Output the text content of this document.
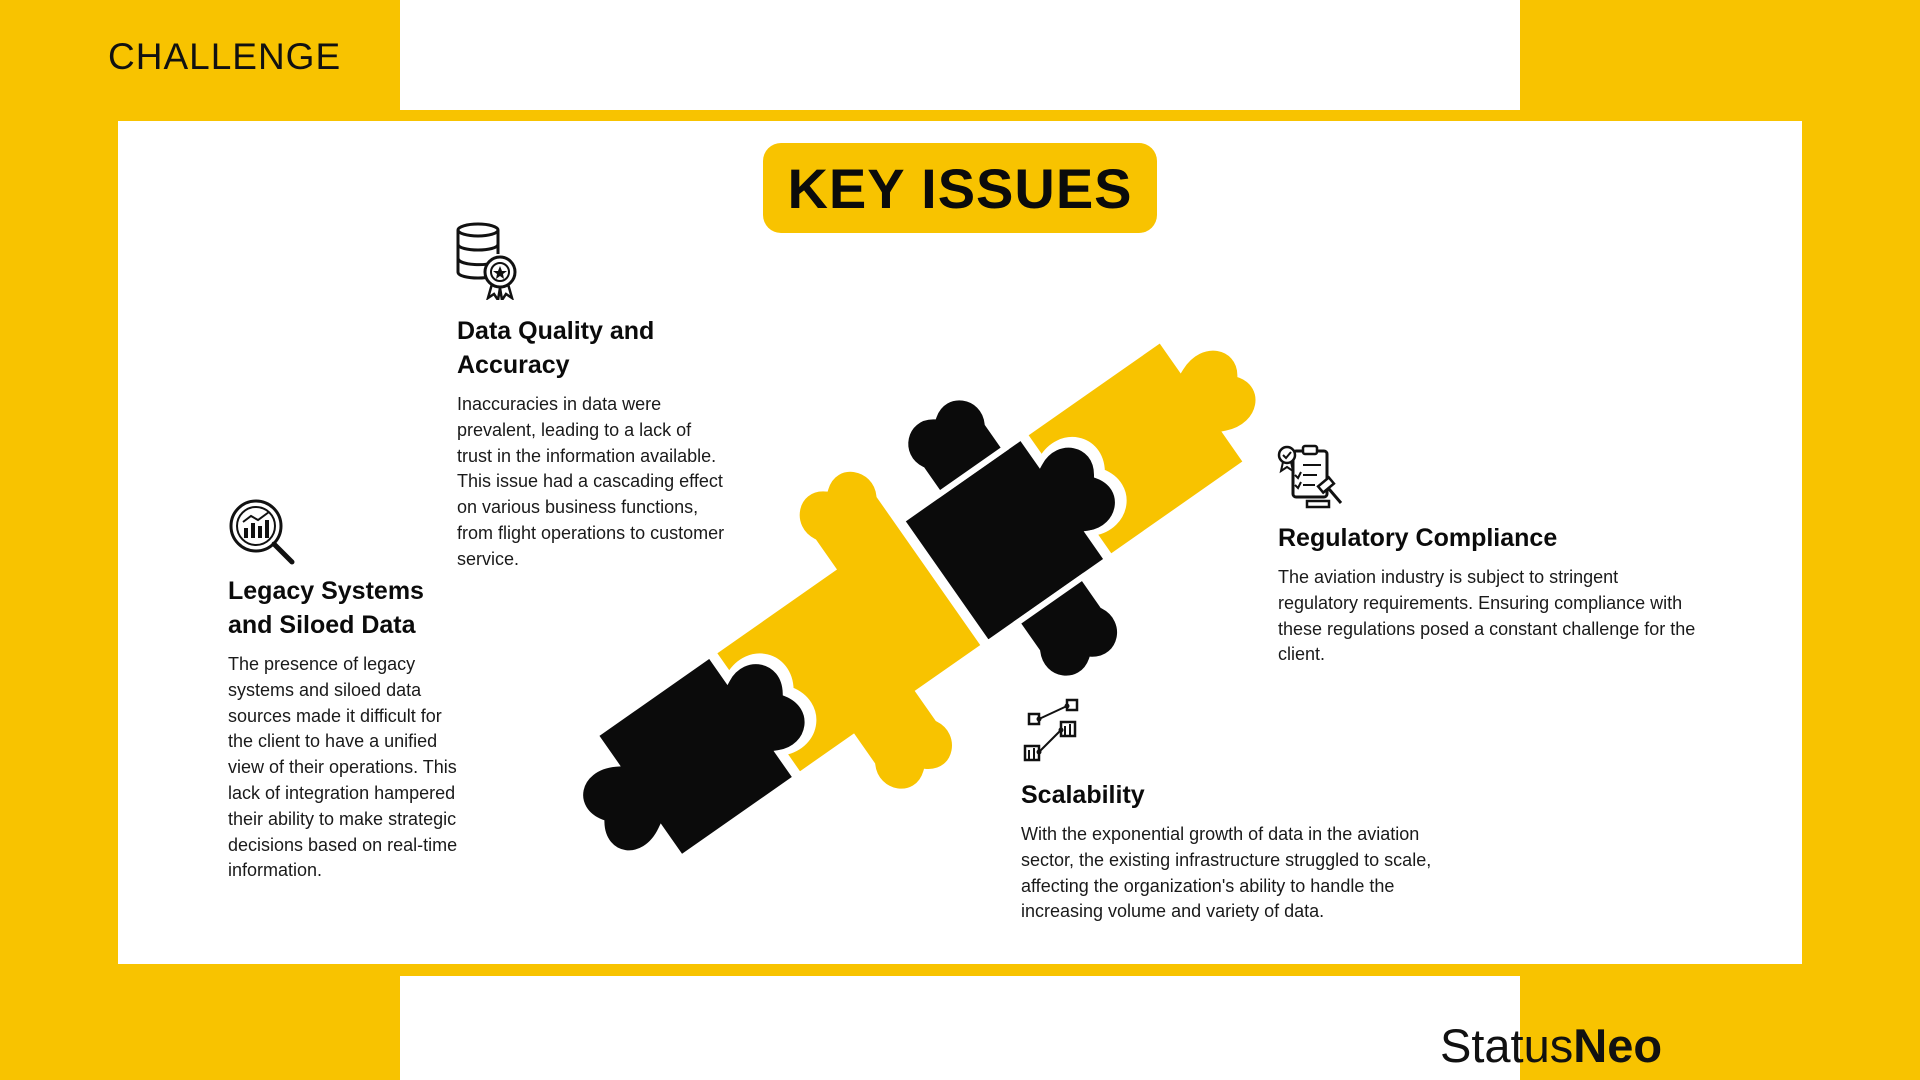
CHALLENGE
KEY ISSUES
Legacy Systems and Siloed Data

The presence of legacy systems and siloed data sources made it difficult for the client to have a unified view of their operations. This lack of integration hampered their ability to make strategic decisions based on real-time information.

Data Quality and Accuracy

Inaccuracies in data were prevalent, leading to a lack of trust in the information available. This issue had a cascading effect on various business functions, from flight operations to customer service.

Regulatory Compliance

The aviation industry is subject to stringent regulatory requirements. Ensuring compliance with these regulations posed a constant challenge for the client.

Scalability

With the exponential growth of data in the aviation sector, the existing infrastructure struggled to scale, affecting the organization's ability to handle the increasing volume and variety of data.

StatusNeo
